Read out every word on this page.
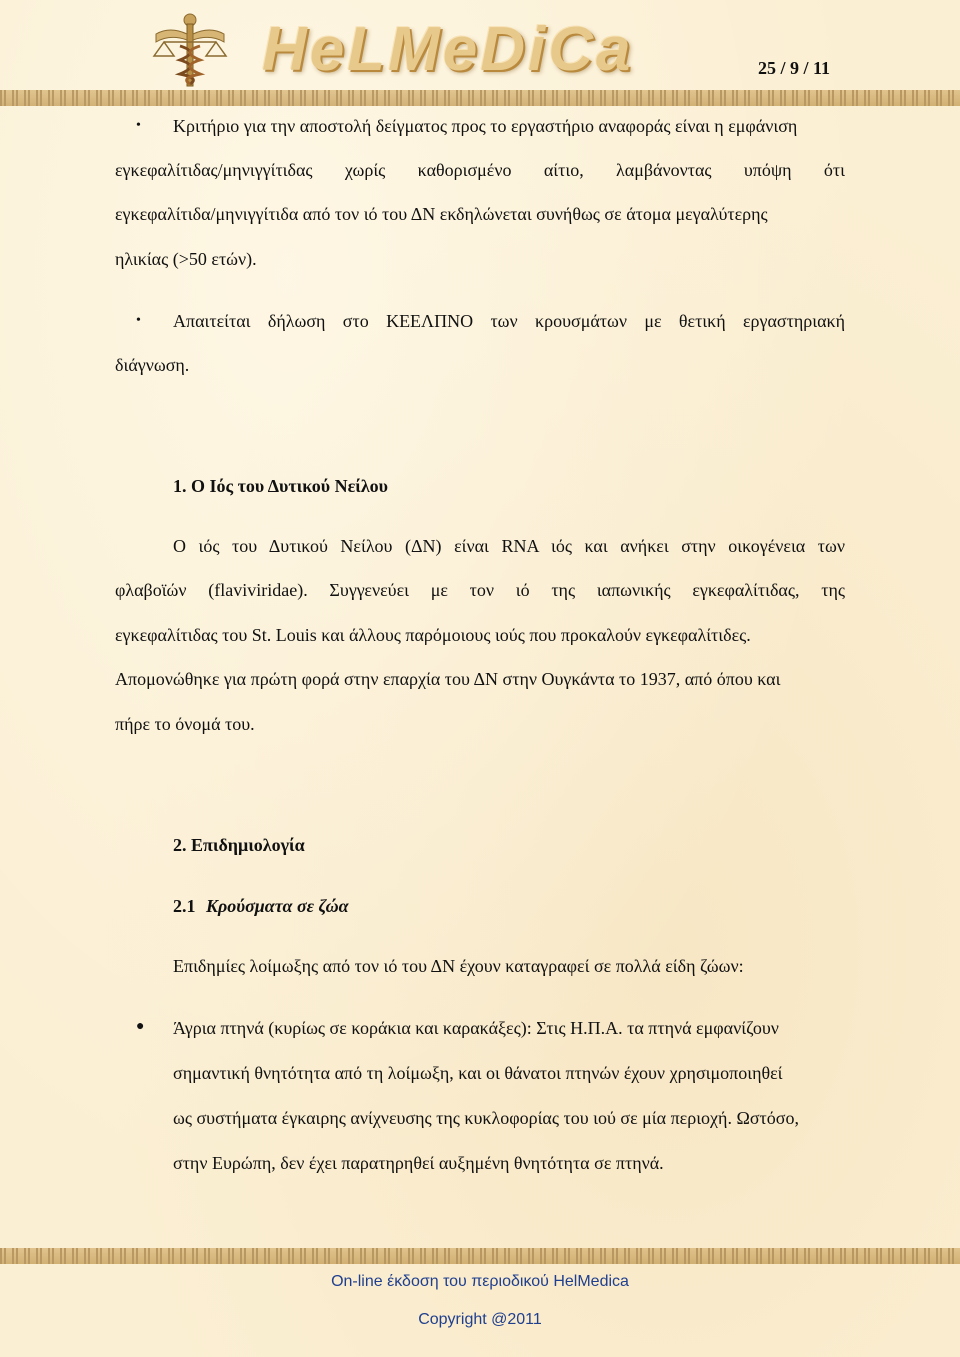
HeLMeDiCa	25 / 9 / 11
• Κριτήριο για την αποστολή δείγματος προς το εργαστήριο αναφοράς είναι η εμφάνιση
εγκεφαλίτιδας/μηνιγγίτιδας χωρίς καθορισμένο αίτιο, λαμβάνοντας υπόψη ότι
εγκεφαλίτιδα/μηνιγγίτιδα από τον ιό του ΔΝ εκδηλώνεται συνήθως σε άτομα μεγαλύτερης
ηλικίας (>50 ετών).
• Απαιτείται δήλωση στο ΚΕΕΛΠΝΟ των κρουσμάτων με θετική εργαστηριακή
διάγνωση.
1. Ο Ιός του Δυτικού Νείλου
Ο ιός του Δυτικού Νείλου (ΔΝ) είναι RNA ιός και ανήκει στην οικογένεια των
φλαβοϊών (flaviviridae). Συγγενεύει με τον ιό της ιαπωνικής εγκεφαλίτιδας, της
εγκεφαλίτιδας του St. Louis και άλλους παρόμοιους ιούς που προκαλούν εγκεφαλίτιδες.
Απομονώθηκε για πρώτη φορά στην επαρχία του ΔΝ στην Ουγκάντα το 1937, από όπου και
πήρε το όνομά του.
2. Επιδημιολογία
2.1 Κρούσματα σε ζώα
Επιδημίες λοίμωξης από τον ιό του ΔΝ έχουν καταγραφεί σε πολλά είδη ζώων:
● Άγρια πτηνά (κυρίως σε κοράκια και καρακάξες): Στις Η.Π.Α. τα πτηνά εμφανίζουν
σημαντική θνητότητα από τη λοίμωξη, και οι θάνατοι πτηνών έχουν χρησιμοποιηθεί
ως συστήματα έγκαιρης ανίχνευσης της κυκλοφορίας του ιού σε μία περιοχή. Ωστόσο,
στην Ευρώπη, δεν έχει παρατηρηθεί αυξημένη θνητότητα σε πτηνά.
On-line έκδοση του περιοδικού HelMedica
Copyright @2011
